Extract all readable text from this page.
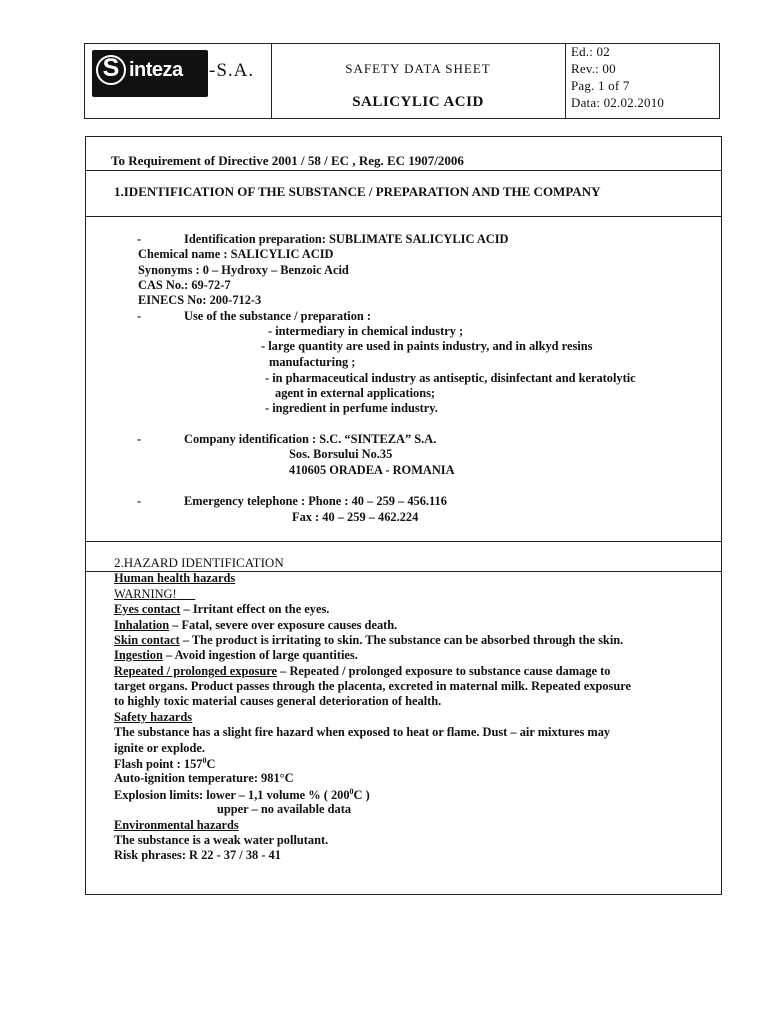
S inteza -S.A.	SAFETY DATA SHEET
SALICYLIC ACID
Ed.: 02
Rev.: 00
Pag. 1 of 7
Data: 02.02.2010
To Requirement of Directive 2001 / 58 / EC , Reg. EC 1907/2006
1.IDENTIFICATION OF THE SUBSTANCE / PREPARATION AND THE COMPANY
-	Identification preparation: SUBLIMATE SALICYLIC ACID
Chemical name : SALICYLIC ACID
Synonyms : 0 – Hydroxy – Benzoic Acid
CAS No.: 69-72-7
EINECS No: 200-712-3
-	Use of the substance / preparation :
- intermediary in chemical industry ;
- large quantity are used in paints industry, and in alkyd resins
manufacturing ;
- in pharmaceutical industry as antiseptic, disinfectant and keratolytic
agent in external applications;
- ingredient in perfume industry.
-	Company identification : S.C. “SINTEZA” S.A.
Sos. Borsului No.35
410605 ORADEA - ROMANIA
-	Emergency telephone : Phone : 40 – 259 – 456.116
Fax : 40 – 259 – 462.224
2.HAZARD IDENTIFICATION
Human health hazards
WARNING!
Eyes contact – Irritant effect on the eyes.
Inhalation – Fatal, severe over exposure causes death.
Skin contact – The product is irritating to skin. The substance can be absorbed through the skin.
Ingestion – Avoid ingestion of large quantities.
Repeated / prolonged exposure – Repeated / prolonged exposure to substance cause damage to
target organs. Product passes through the placenta, excreted in maternal milk. Repeated exposure
to highly toxic material causes general deterioration of health.
Safety hazards
The substance has a slight fire hazard when exposed to heat or flame. Dust – air mixtures may
ignite or explode.
Flash point : $157^0C$
Auto-ignition temperature: 981°C
Explosion limits: lower – 1,1 volume % ( $200^0C$ )
upper – no available data
Environmental hazards
The substance is a weak water pollutant.
Risk phrases: R 22 - 37 / 38 - 41
